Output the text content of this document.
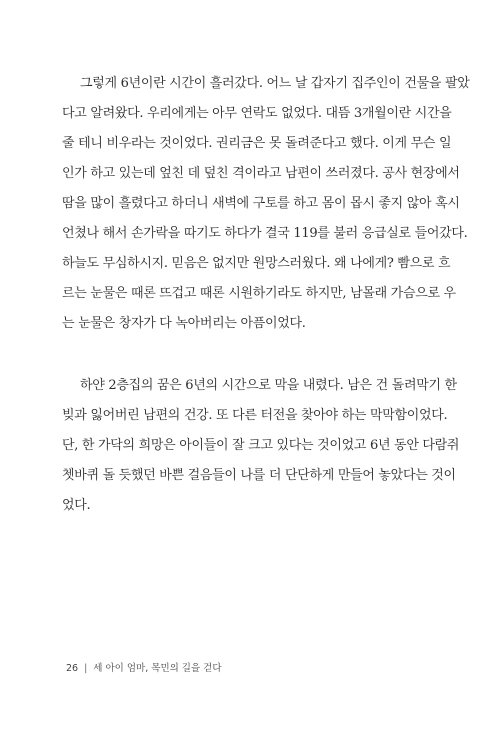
그렇게 6년이란 시간이 흘러갔다. 어느 날 갑자기 집주인이 건물을 팔았
다고 알려왔다. 우리에게는 아무 연락도 없었다. 대뜸 3개월이란 시간을
줄 테니 비우라는 것이었다. 권리금은 못 돌려준다고 했다. 이게 무슨 일
인가 하고 있는데 엎친 데 덮친 격이라고 남편이 쓰러졌다. 공사 현장에서
땀을 많이 흘렸다고 하더니 새벽에 구토를 하고 몸이 몹시 좋지 않아 혹시
언쳤나 해서 손가락을 따기도 하다가 결국 119를 불러 응급실로 들어갔다.
하늘도 무심하시지. 믿음은 없지만 원망스러웠다. 왜 나에게? 빰으로 흐
르는 눈물은 때론 뜨겁고 때론 시원하기라도 하지만, 남몰래 가슴으로 우
는 눈물은 창자가 다 녹아버리는 아픔이었다.
하얀 2층집의 꿈은 6년의 시간으로 막을 내렸다. 남은 건 돌려막기 한
빚과 잃어버린 남편의 건강. 또 다른 터전을 찾아야 하는 막막함이었다.
단, 한 가닥의 희망은 아이들이 잘 크고 있다는 것이었고 6년 동안 다람쥐
쳇바퀴 돌 듯했던 바쁜 걸음들이 나를 더 단단하게 만들어 놓았다는 것이
었다.
26 | 세 아이 엄마, 목민의 길을 걷다
